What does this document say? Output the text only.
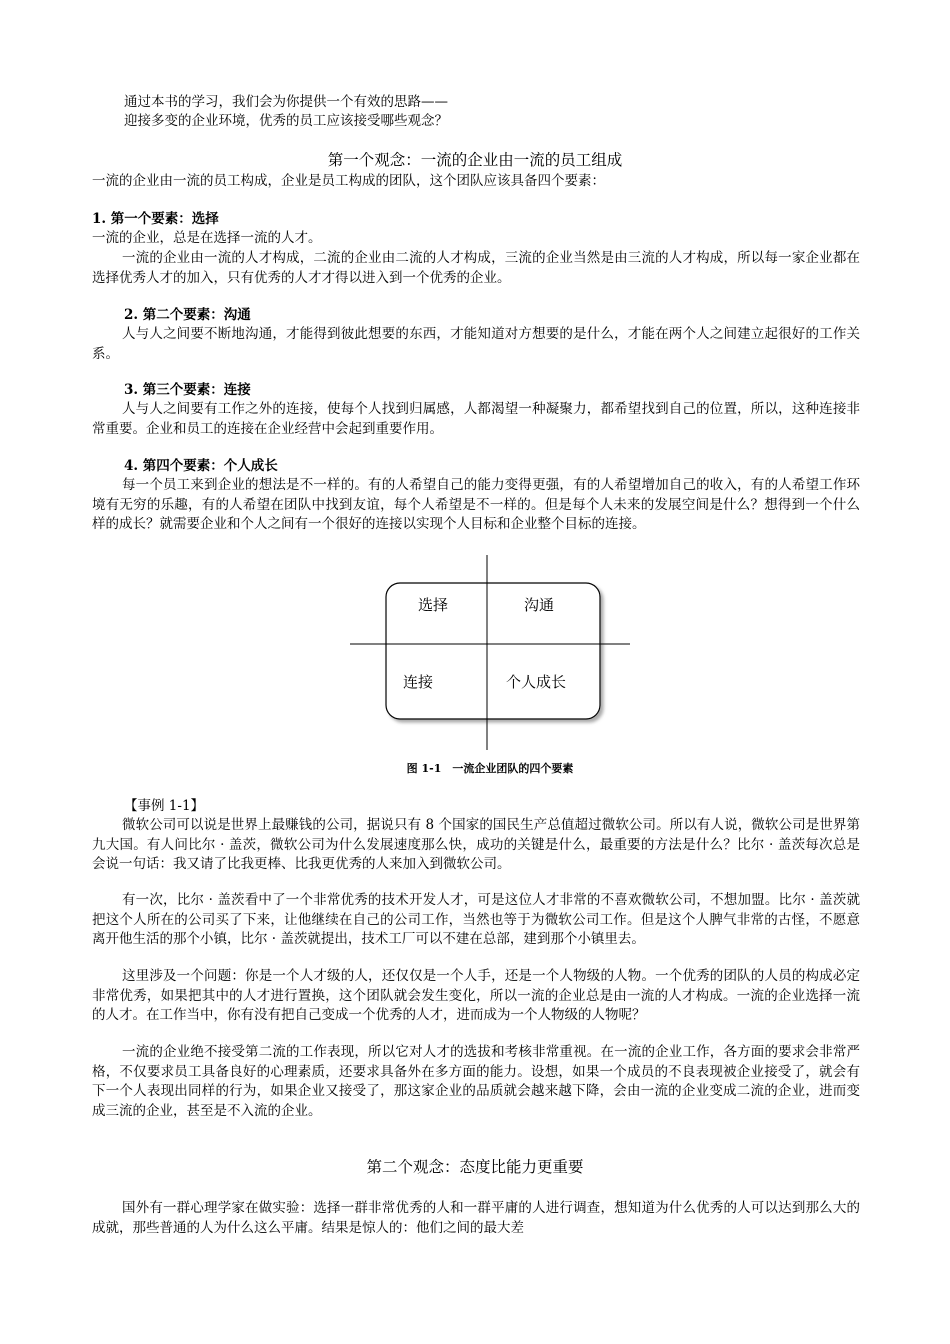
通过本书的学习，我们会为你提供一个有效的思路——
迎接多变的企业环境，优秀的员工应该接受哪些观念？
第一个观念：一流的企业由一流的员工组成
一流的企业由一流的员工构成，企业是员工构成的团队，这个团队应该具备四个要素：
1. 第一个要素：选择
一流的企业，总是在选择一流的人才。
一流的企业由一流的人才构成，二流的企业由二流的人才构成，三流的企业当然是由三流的人才构成，所以每一家企业都在选择优秀人才的加入，只有优秀的人才才得以进入到一个优秀的企业。
2. 第二个要素：沟通
人与人之间要不断地沟通，才能得到彼此想要的东西，才能知道对方想要的是什么，才能在两个人之间建立起很好的工作关系。
3. 第三个要素：连接
人与人之间要有工作之外的连接，使每个人找到归属感，人都渴望一种凝聚力，都希望找到自己的位置，所以，这种连接非常重要。企业和员工的连接在企业经营中会起到重要作用。
4. 第四个要素：个人成长
每一个员工来到企业的想法是不一样的。有的人希望自己的能力变得更强，有的人希望增加自己的收入，有的人希望工作环境有无穷的乐趣，有的人希望在团队中找到友谊，每个人希望是不一样的。但是每个人未来的发展空间是什么？想得到一个什么样的成长？就需要企业和个人之间有一个很好的连接以实现个人目标和企业整个目标的连接。
选择	沟通
连接	个人成长
图 1-1　一流企业团队的四个要素
【事例 1-1】
微软公司可以说是世界上最赚钱的公司，据说只有 8 个国家的国民生产总值超过微软公司。所以有人说，微软公司是世界第九大国。有人问比尔 · 盖茨，微软公司为什么发展速度那么快，成功的关键是什么，最重要的方法是什么？比尔 · 盖茨每次总是会说一句话：我又请了比我更棒、比我更优秀的人来加入到微软公司。
有一次，比尔 · 盖茨看中了一个非常优秀的技术开发人才，可是这位人才非常的不喜欢微软公司，不想加盟。比尔 · 盖茨就把这个人所在的公司买了下来，让他继续在自己的公司工作，当然也等于为微软公司工作。但是这个人脾气非常的古怪，不愿意离开他生活的那个小镇，比尔 · 盖茨就提出，技术工厂可以不建在总部，建到那个小镇里去。
这里涉及一个问题：你是一个人才级的人，还仅仅是一个人手，还是一个人物级的人物。一个优秀的团队的人员的构成必定非常优秀，如果把其中的人才进行置换，这个团队就会发生变化，所以一流的企业总是由一流的人才构成。一流的企业选择一流的人才。在工作当中，你有没有把自己变成一个优秀的人才，进而成为一个人物级的人物呢？
一流的企业绝不接受第二流的工作表现，所以它对人才的选拔和考核非常重视。在一流的企业工作，各方面的要求会非常严格，不仅要求员工具备良好的心理素质，还要求具备外在多方面的能力。设想，如果一个成员的不良表现被企业接受了，就会有下一个人表现出同样的行为，如果企业又接受了，那这家企业的品质就会越来越下降，会由一流的企业变成二流的企业，进而变成三流的企业，甚至是不入流的企业。
第二个观念：态度比能力更重要
国外有一群心理学家在做实验：选择一群非常优秀的人和一群平庸的人进行调查，想知道为什么优秀的人可以达到那么大的成就，那些普通的人为什么这么平庸。结果是惊人的：他们之间的最大差
